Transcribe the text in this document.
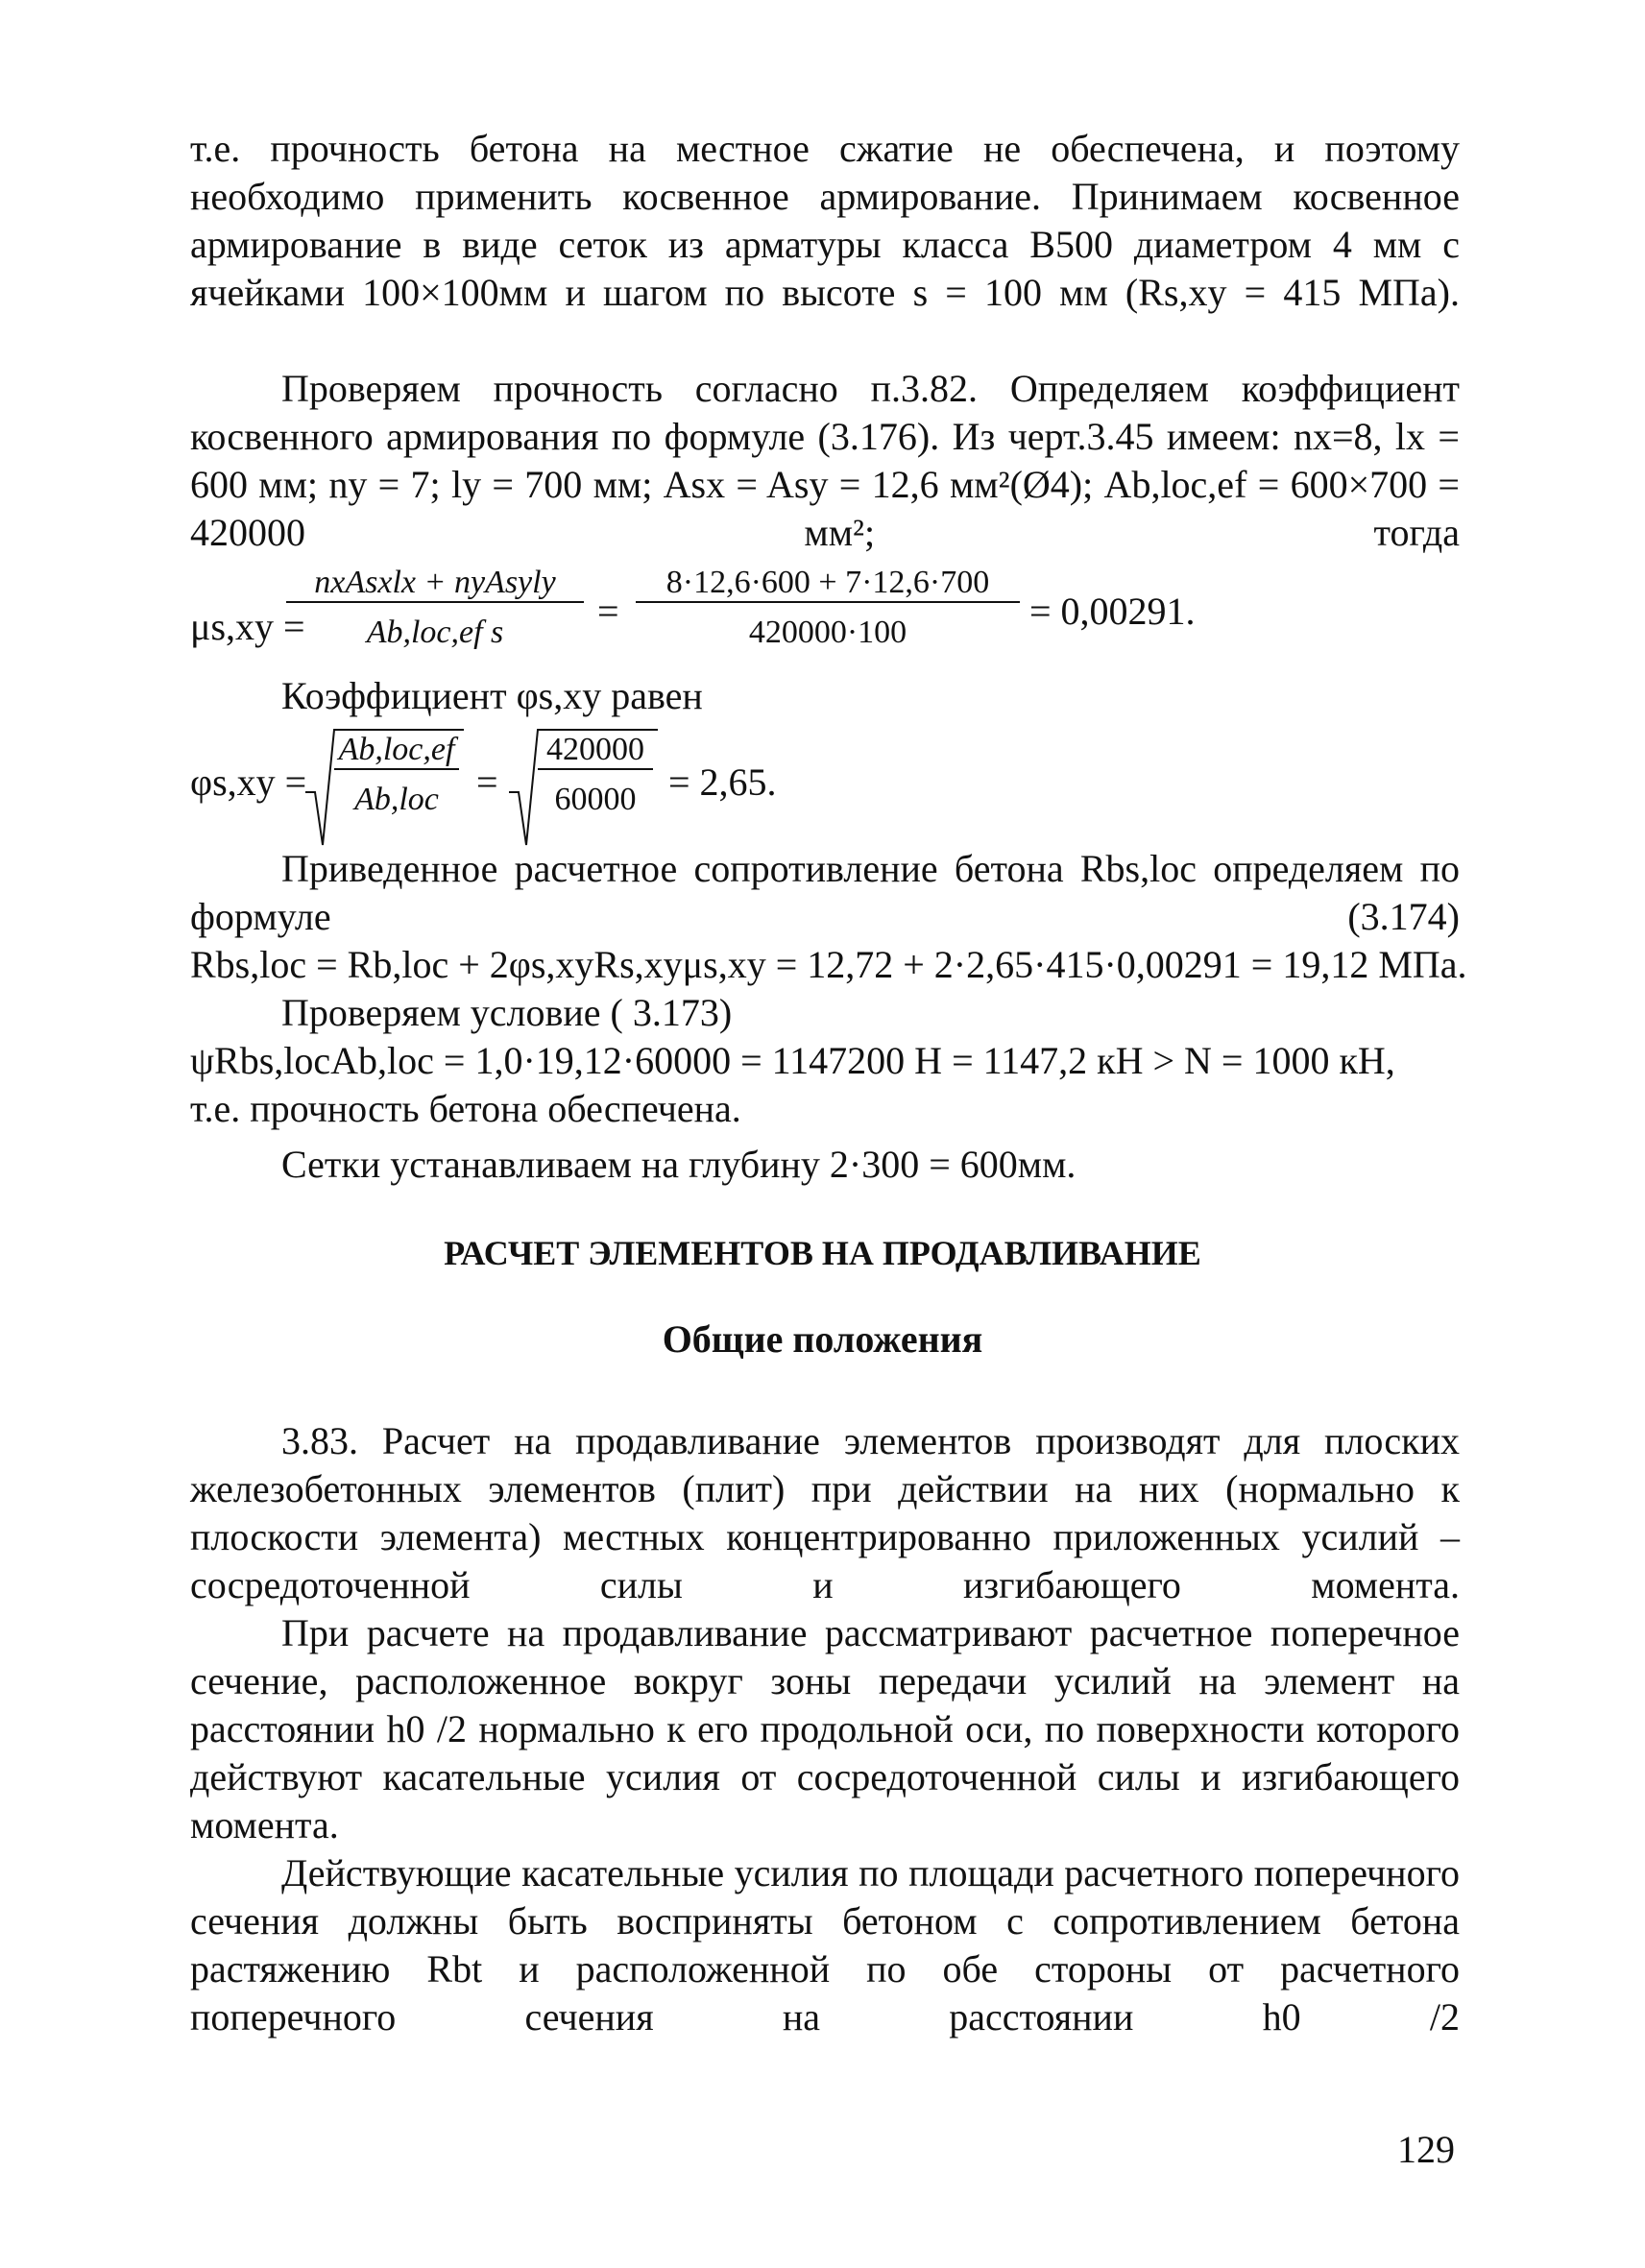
т.е. прочность бетона на местное сжатие не обеспечена, и поэтому необходимо применить косвенное армирование. Принимаем косвенное армирование в виде сеток из арматуры класса В500 диаметром 4 мм с ячейками 100×100мм и шагом по высоте s = 100 мм (Rs,xy = 415 МПа).

Проверяем прочность согласно п.3.82. Определяем коэффициент косвенного армирования по формуле (3.176). Из черт.3.45 имеем: nx=8, lx = 600 мм; ny = 7; ly = 700 мм; Asx = Asy = 12,6 мм²(Ø4); Ab,loc,ef = 600×700 = 420000 мм²; тогда

μs,xy =
nxAsxlx + nyAsyly
Ab,loc,ef s	=
8·12,6·600 + 7·12,6·700
420000·100	= 0,00291.

Коэффициент φs,xy равен

φs,xy =
Ab,loc,ef
Ab,loc =
420000
60000 = 2,65.

Приведенное расчетное сопротивление бетона Rbs,loc определяем по формуле (3.174)

Rbs,loc = Rb,loc + 2φs,xyRs,xyμs,xy = 12,72 + 2·2,65·415·0,00291 = 19,12 МПа.

Проверяем условие ( 3.173)

ψRbs,locAb,loc = 1,0·19,12·60000 = 1147200 Н = 1147,2 кН > N = 1000 кН,

т.е. прочность бетона обеспечена.

Сетки устанавливаем на глубину 2·300 = 600мм.

РАСЧЕТ ЭЛЕМЕНТОВ НА ПРОДАВЛИВАНИЕ
Общие положения

3.83. Расчет на продавливание элементов производят для плоских железобетонных элементов (плит) при действии на них (нормально к плоскости элемента) местных концентрированно приложенных усилий – сосредоточенной силы и изгибающего момента.

При расчете на продавливание рассматривают расчетное поперечное сечение, расположенное вокруг зоны передачи усилий на элемент на расстоянии h0 /2 нормально к его продольной оси, по поверхности которого действуют касательные усилия от сосредоточенной силы и изгибающего момента.

Действующие касательные усилия по площади расчетного поперечного сечения должны быть восприняты бетоном с сопротивлением бетона растяжению Rbt и расположенной по обе стороны от расчетного поперечного сечения на расстоянии h0 /2

129
